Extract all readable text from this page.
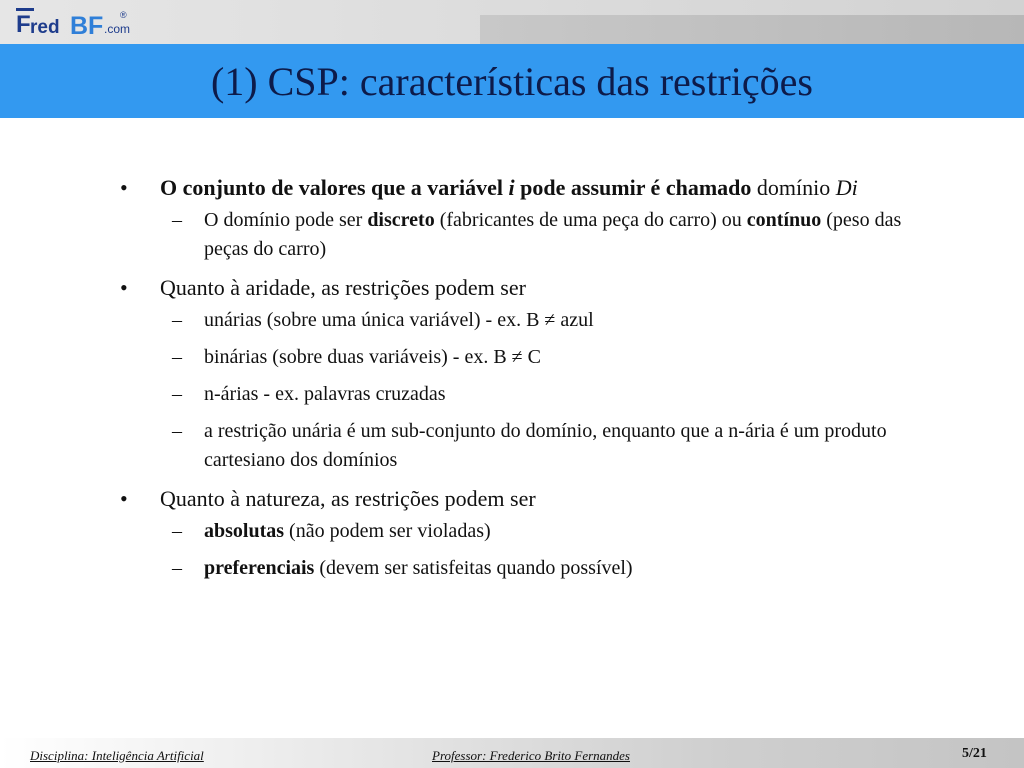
F red BF .com
®
(1) CSP: características das restrições
•	O conjunto de valores que a variável i pode assumir é chamado domínio Di
–	O domínio pode ser discreto (fabricantes de uma peça do carro) ou contínuo (peso das peças do carro)
•	Quanto à aridade, as restrições podem ser
–	unárias (sobre uma única variável) - ex. B ≠ azul
–	binárias (sobre duas variáveis) - ex. B ≠ C
–	n-árias - ex. palavras cruzadas
–	a restrição unária é um sub-conjunto do domínio, enquanto que a n-ária é um produto cartesiano dos domínios
•	Quanto à natureza, as restrições podem ser
–	absolutas (não podem ser violadas)
–	preferenciais (devem ser satisfeitas quando possível)
Disciplina: Inteligência Artificial	Professor: Frederico Brito Fernandes	5/21
